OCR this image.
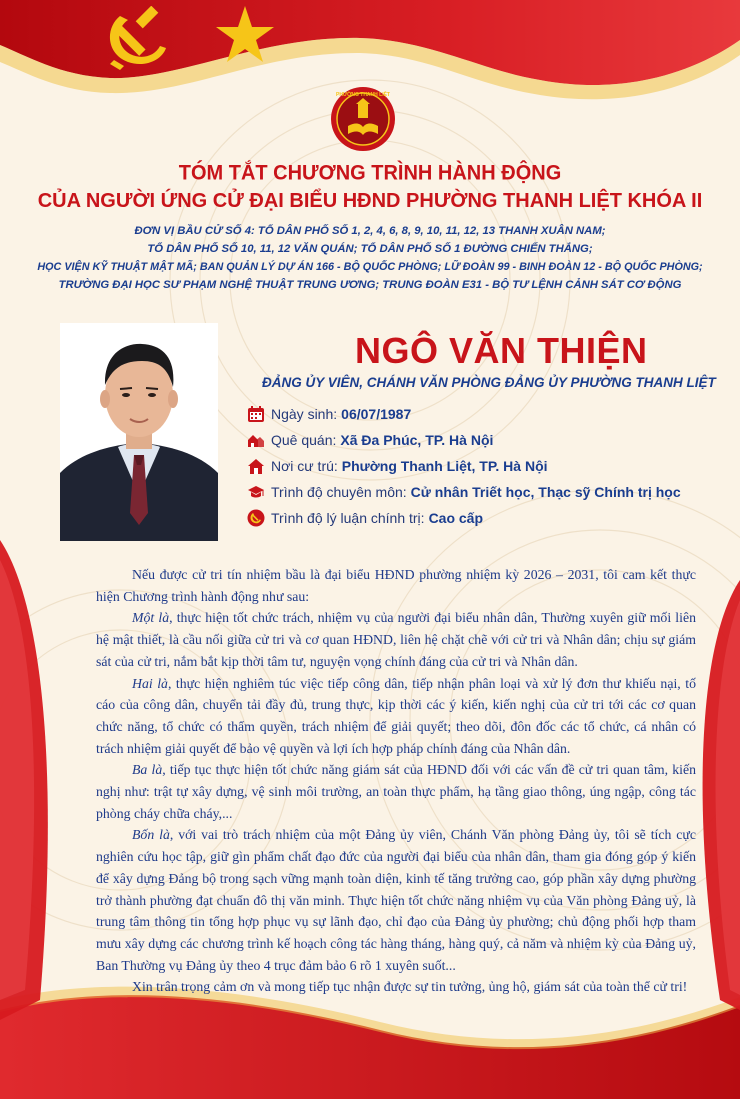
PHƯỜNG THANH LIỆT
TÓM TẮT CHƯƠNG TRÌNH HÀNH ĐỘNG
CỦA NGƯỜI ỨNG CỬ ĐẠI BIỂU HĐND PHƯỜNG THANH LIỆT KHÓA II
ĐƠN VỊ BẦU CỬ SỐ 4: TỔ DÂN PHỐ SỐ 1, 2, 4, 6, 8, 9, 10, 11, 12, 13 THANH XUÂN NAM;
TỔ DÂN PHỐ SỐ 10, 11, 12 VĂN QUÁN; TỔ DÂN PHỐ SỐ 1 ĐƯỜNG CHIẾN THẮNG;
HỌC VIỆN KỸ THUẬT MẬT MÃ; BAN QUẢN LÝ DỰ ÁN 166 - BỘ QUỐC PHÒNG; LỮ ĐOÀN 99 - BINH ĐOÀN 12 - BỘ QUỐC PHÒNG;
TRƯỜNG ĐẠI HỌC SƯ PHẠM NGHỆ THUẬT TRUNG ƯƠNG; TRUNG ĐOÀN E31 - BỘ TƯ LỆNH CẢNH SÁT CƠ ĐỘNG
NGÔ VĂN THIỆN
ĐẢNG ỦY VIÊN, CHÁNH VĂN PHÒNG ĐẢNG ỦY PHƯỜNG THANH LIỆT
Ngày sinh: 06/07/1987
Quê quán: Xã Đa Phúc, TP. Hà Nội
Nơi cư trú: Phường Thanh Liệt, TP. Hà Nội
Trình độ chuyên môn: Cử nhân Triết học, Thạc sỹ Chính trị học
Trình độ lý luận chính trị: Cao cấp

Nếu được cử tri tín nhiệm bầu là đại biểu HĐND phường nhiệm kỳ 2026 – 2031, tôi cam kết thực hiện Chương trình hành động như sau:

Một là, thực hiện tốt chức trách, nhiệm vụ của người đại biểu nhân dân, Thường xuyên giữ mối liên hệ mật thiết, là cầu nối giữa cử tri và cơ quan HĐND, liên hệ chặt chẽ với cử tri và Nhân dân; chịu sự giám sát của cử tri, nắm bắt kịp thời tâm tư, nguyện vọng chính đáng của cử tri và Nhân dân.

Hai là, thực hiện nghiêm túc việc tiếp công dân, tiếp nhận phân loại và xử lý đơn thư khiếu nại, tố cáo của công dân, chuyển tải đầy đủ, trung thực, kịp thời các ý kiến, kiến nghị của cử tri tới các cơ quan chức năng, tổ chức có thẩm quyền, trách nhiệm để giải quyết; theo dõi, đôn đốc các tổ chức, cá nhân có trách nhiệm giải quyết để bảo vệ quyền và lợi ích hợp pháp chính đáng của Nhân dân.

Ba là, tiếp tục thực hiện tốt chức năng giám sát của HĐND đối với các vấn đề cử tri quan tâm, kiến nghị như: trật tự xây dựng, vệ sinh môi trường, an toàn thực phẩm, hạ tầng giao thông, úng ngập, công tác phòng cháy chữa cháy,...

Bốn là, với vai trò trách nhiệm của một Đảng ủy viên, Chánh Văn phòng Đảng ủy, tôi sẽ tích cực nghiên cứu học tập, giữ gìn phẩm chất đạo đức của người đại biểu của nhân dân, tham gia đóng góp ý kiến để xây dựng Đảng bộ trong sạch vững mạnh toàn diện, kinh tế tăng trưởng cao, góp phần xây dựng phường trở thành phường đạt chuẩn đô thị văn minh. Thực hiện tốt chức năng nhiệm vụ của Văn phòng Đảng uỷ, là trung tâm thông tin tổng hợp phục vụ sự lãnh đạo, chỉ đạo của Đảng ủy phường; chủ động phối hợp tham mưu xây dựng các chương trình kế hoạch công tác hàng tháng, hàng quý, cả năm và nhiệm kỳ của Đảng uỷ, Ban Thường vụ Đảng ủy theo 4 trục đảm bảo 6 rõ 1 xuyên suốt...

Xin trân trọng cảm ơn và mong tiếp tục nhận được sự tin tưởng, ủng hộ, giám sát của toàn thể cử tri!
